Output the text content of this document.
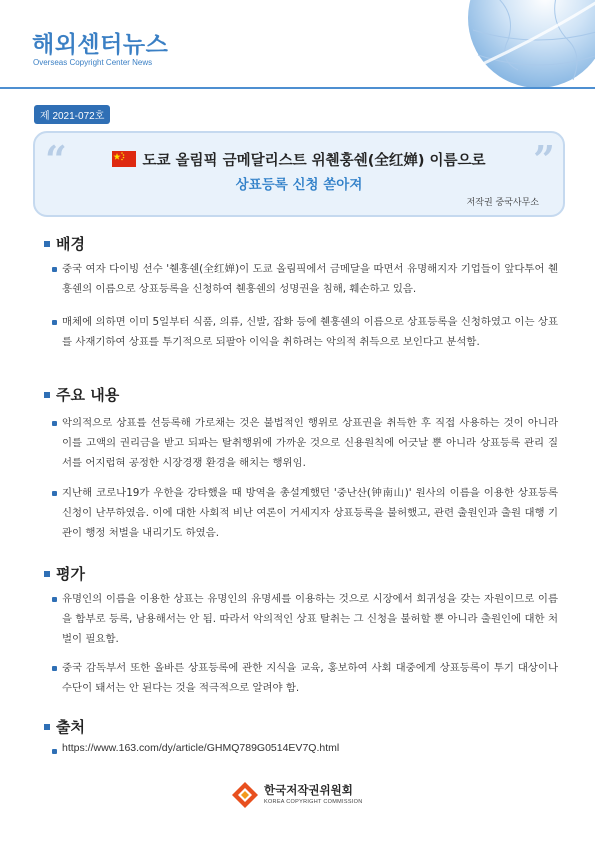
해외센터뉴스
Overseas Copyright Center News
제 2021-072호
“	”
도쿄 올림픽 금메달리스트 위췐훙쉔(全红婵) 이름으로
상표등록 신청 쏟아져
저작권 중국사무소
배경
중국 여자 다이빙 선수 '췐훙쉔(全红婵)이 도쿄 올림픽에서 금메달을 따면서 유명해지자 기업들이 앞다투어 췐훙쉔의 이름으로 상표등록을 신청하여 췐훙쉔의 성명권을 침해, 훼손하고 있음.
매체에 의하면 이미 5일부터 식품, 의류, 신발, 잡화 등에 췐훙쉔의 이름으로 상표등록을 신청하였고 이는 상표를 사재기하여 상표를 투기적으로 되팔아 이익을 취하려는 악의적 취득으로 보인다고 분석함.
주요 내용
악의적으로 상표를 선등록해 가로채는 것은 불법적인 행위로 상표권을 취득한 후 직접 사용하는 것이 아니라 이를 고액의 권리금을 받고 되파는 탈취행위에 가까운 것으로 신용원칙에 어긋날 뿐 아니라 상표등록 관리 질서를 어지럽혀 공정한 시장경쟁 환경을 해치는 행위임.
지난해 코로나19가 우한을 강타했을 때 방역을 총설계했던 '중난산(钟南山)' 원사의 이름을 이용한 상표등록신청이 난무하였음. 이에 대한 사회적 비난 여론이 거세지자 상표등록을 불허했고, 관련 출원인과 출원 대행 기관이 행정 처벌을 내리기도 하였음.
평가
유명인의 이름을 이용한 상표는 유명인의 유명세를 이용하는 것으로 시장에서 희귀성을 갖는 자원이므로 이름을 함부로 등록, 남용해서는 안 됨. 따라서 악의적인 상표 탈취는 그 신청을 불허할 뿐 아니라 출원인에 대한 처벌이 필요함.
중국 감독부서 또한 올바른 상표등록에 관한 지식을 교육, 홍보하여 사회 대중에게 상표등록이 투기 대상이나 수단이 돼서는 안 된다는 것을 적극적으로 알려야 함.
출처
https://www.163.com/dy/article/GHMQ789G0514EV7Q.html
한국저작권위원회
KOREA COPYRIGHT COMMISSION
